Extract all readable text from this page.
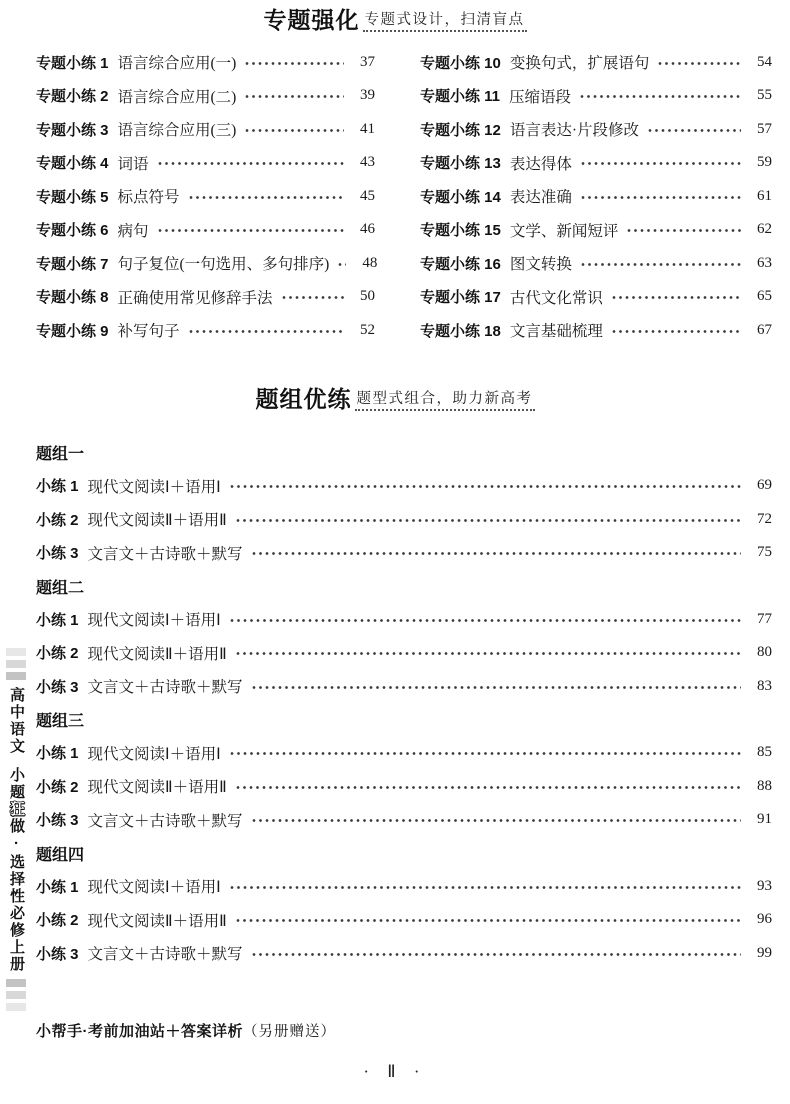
专题强化 专题式设计，扫清盲点
专题小练 1 语言综合应用(一)	37
专题小练 2 语言综合应用(二)	39
专题小练 3 语言综合应用(三)	41
专题小练 4 词语	43
专题小练 5 标点符号	45
专题小练 6 病句	46
专题小练 7 句子复位(一句选用、多句排序)	48
专题小练 8 正确使用常见修辞手法	50
专题小练 9 补写句子	52
专题小练 10 变换句式，扩展语句	54
专题小练 11 压缩语段	55
专题小练 12 语言表达·片段修改	57
专题小练 13 表达得体	59
专题小练 14 表达准确	61
专题小练 15 文学、新闻短评	62
专题小练 16 图文转换	63
专题小练 17 古代文化常识	65
专题小练 18 文言基础梳理	67
题组优练 题型式组合，助力新高考
题组一
小练 1 现代文阅读Ⅰ＋语用Ⅰ	69
小练 2 现代文阅读Ⅱ＋语用Ⅱ	72
小练 3 文言文＋古诗歌＋默写	75
题组二
小练 1 现代文阅读Ⅰ＋语用Ⅰ	77
小练 2 现代文阅读Ⅱ＋语用Ⅱ	80
小练 3 文言文＋古诗歌＋默写	83
题组三
小练 1 现代文阅读Ⅰ＋语用Ⅰ	85
小练 2 现代文阅读Ⅱ＋语用Ⅱ	88
小练 3 文言文＋古诗歌＋默写	91
题组四
小练 1 现代文阅读Ⅰ＋语用Ⅰ	93
小练 2 现代文阅读Ⅱ＋语用Ⅱ	96
小练 3 文言文＋古诗歌＋默写	99
高中语文小题狂做·选择性必修上册
小帮手·考前加油站＋答案详析（另册赠送）
· Ⅱ ·
